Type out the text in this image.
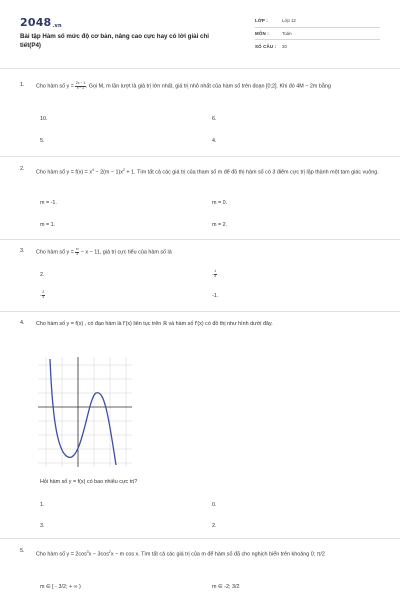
2048.vn
Bài tập Hàm số mức độ cơ bản, nâng cao cực hay có lời giải chi tiết(P4)
LỚP :	Lớp 12
MÔN :	Toán
SỐ CÂU :	30
1. Cho hàm số $y = \frac{2x - 1}{x - 2}$ . Gọi M, m lần lượt là giá trị lớn nhất, giá trị nhỏ nhất của hàm số trên đoạn [0;2]. Khi đó 4M − 2m bằng
10.	6.
5.	4.
2.
Cho hàm số $y = f(x) = x^4 - 2(m - 1)x^2 + 1$. Tìm tất cả các giá trị của tham số m để đồ thị hàm số có 3 điểm cực trị lập thành một tam giác vuông.
m = -1.	m = 0.
m = 1.	m = 2.
3. Cho hàm số $y = \frac{\text{x³}}{3} - x - 11$, giá trị cực tiểu của hàm số là
2.	- $\frac{1}{3}$
- $\frac{2}{3}$	-1.
4. Cho hàm số y = f(x) , có đạo hàm là f'(x) liên tục trên ℝ và hàm số f'(x) có đồ thị như hình dưới đây.
Hỏi hàm số y = f(x) có bao nhiêu cực trị?
1.	0.
3.	2.
5.
Cho hàm số $y = 2\cos^3x - 3\cos^2x - m$ cos x. Tìm tất cả các giá trị của m để hàm số đã cho nghịch biến trên khoảng 0; π/2
m ∈ [ - 3/2; + ∞ )	m ∈ -2; 3/2
